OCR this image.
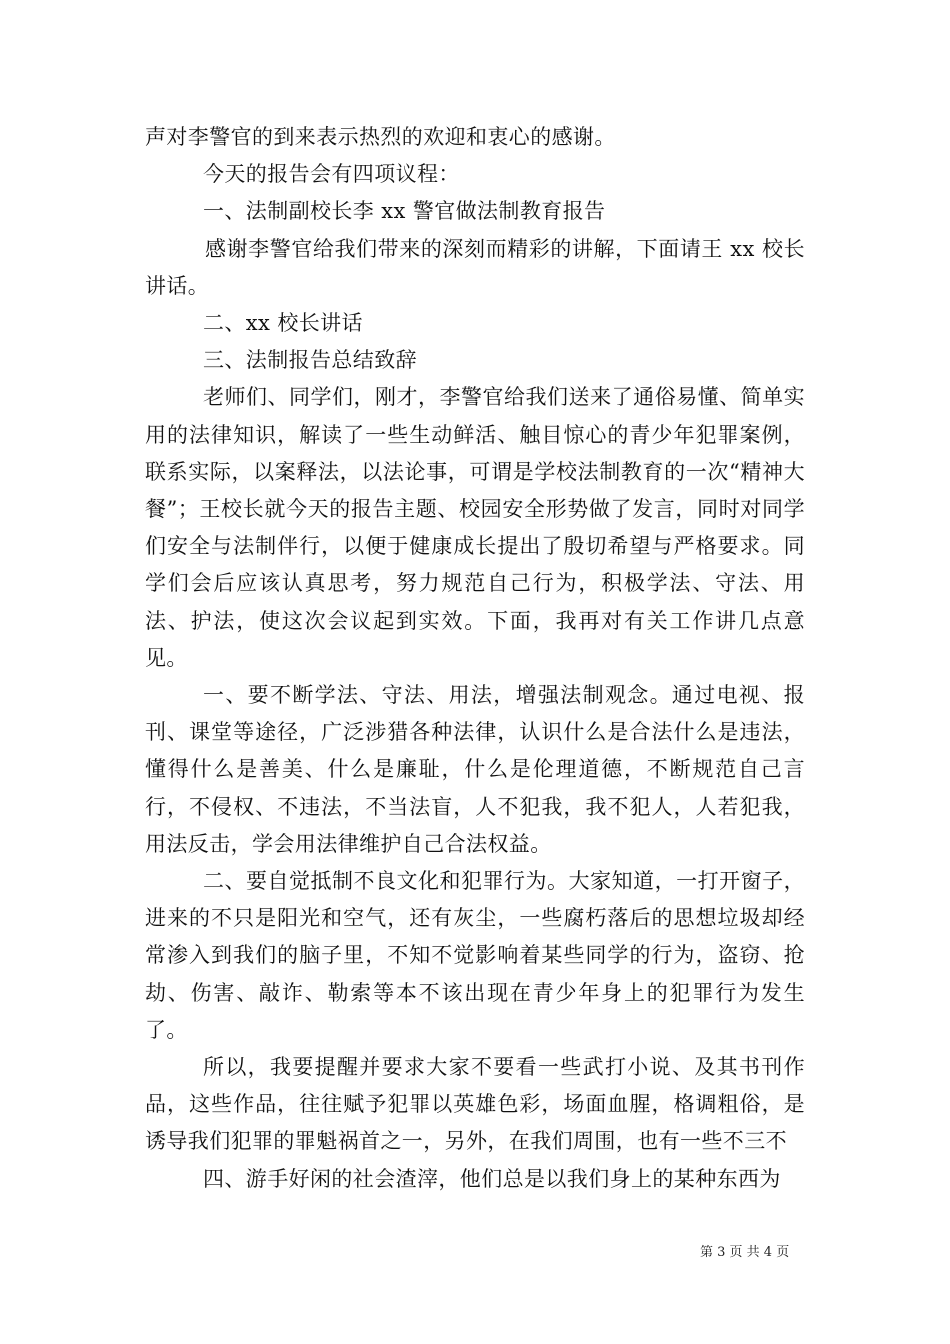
声对李警官的到来表示热烈的欢迎和衷心的感谢。

今天的报告会有四项议程：

一、法制副校长李 xx 警官做法制教育报告

感谢李警官给我们带来的深刻而精彩的讲解，下面请王 xx 校长讲话。

二、xx 校长讲话

三、法制报告总结致辞

老师们、同学们，刚才，李警官给我们送来了通俗易懂、简单实用的法律知识，解读了一些生动鲜活、触目惊心的青少年犯罪案例，联系实际，以案释法，以法论事，可谓是学校法制教育的一次“精神大餐”；王校长就今天的报告主题、校园安全形势做了发言，同时对同学们安全与法制伴行，以便于健康成长提出了殷切希望与严格要求。同学们会后应该认真思考，努力规范自己行为，积极学法、守法、用法、护法，使这次会议起到实效。下面，我再对有关工作讲几点意见。

一、要不断学法、守法、用法，增强法制观念。通过电视、报刊、课堂等途径，广泛涉猎各种法律，认识什么是合法什么是违法，懂得什么是善美、什么是廉耻，什么是伦理道德，不断规范自己言行，不侵权、不违法，不当法盲，人不犯我，我不犯人，人若犯我，用法反击，学会用法律维护自己合法权益。

二、要自觉抵制不良文化和犯罪行为。大家知道，一打开窗子，进来的不只是阳光和空气，还有灰尘，一些腐朽落后的思想垃圾却经常渗入到我们的脑子里，不知不觉影响着某些同学的行为，盗窃、抢劫、伤害、敲诈、勒索等本不该出现在青少年身上的犯罪行为发生了。

所以，我要提醒并要求大家不要看一些武打小说、及其书刊作品，这些作品，往往赋予犯罪以英雄色彩，场面血腥，格调粗俗，是诱导我们犯罪的罪魁祸首之一，另外，在我们周围，也有一些不三不

四、游手好闲的社会渣滓，他们总是以我们身上的某种东西为

第 3 页 共 4 页
